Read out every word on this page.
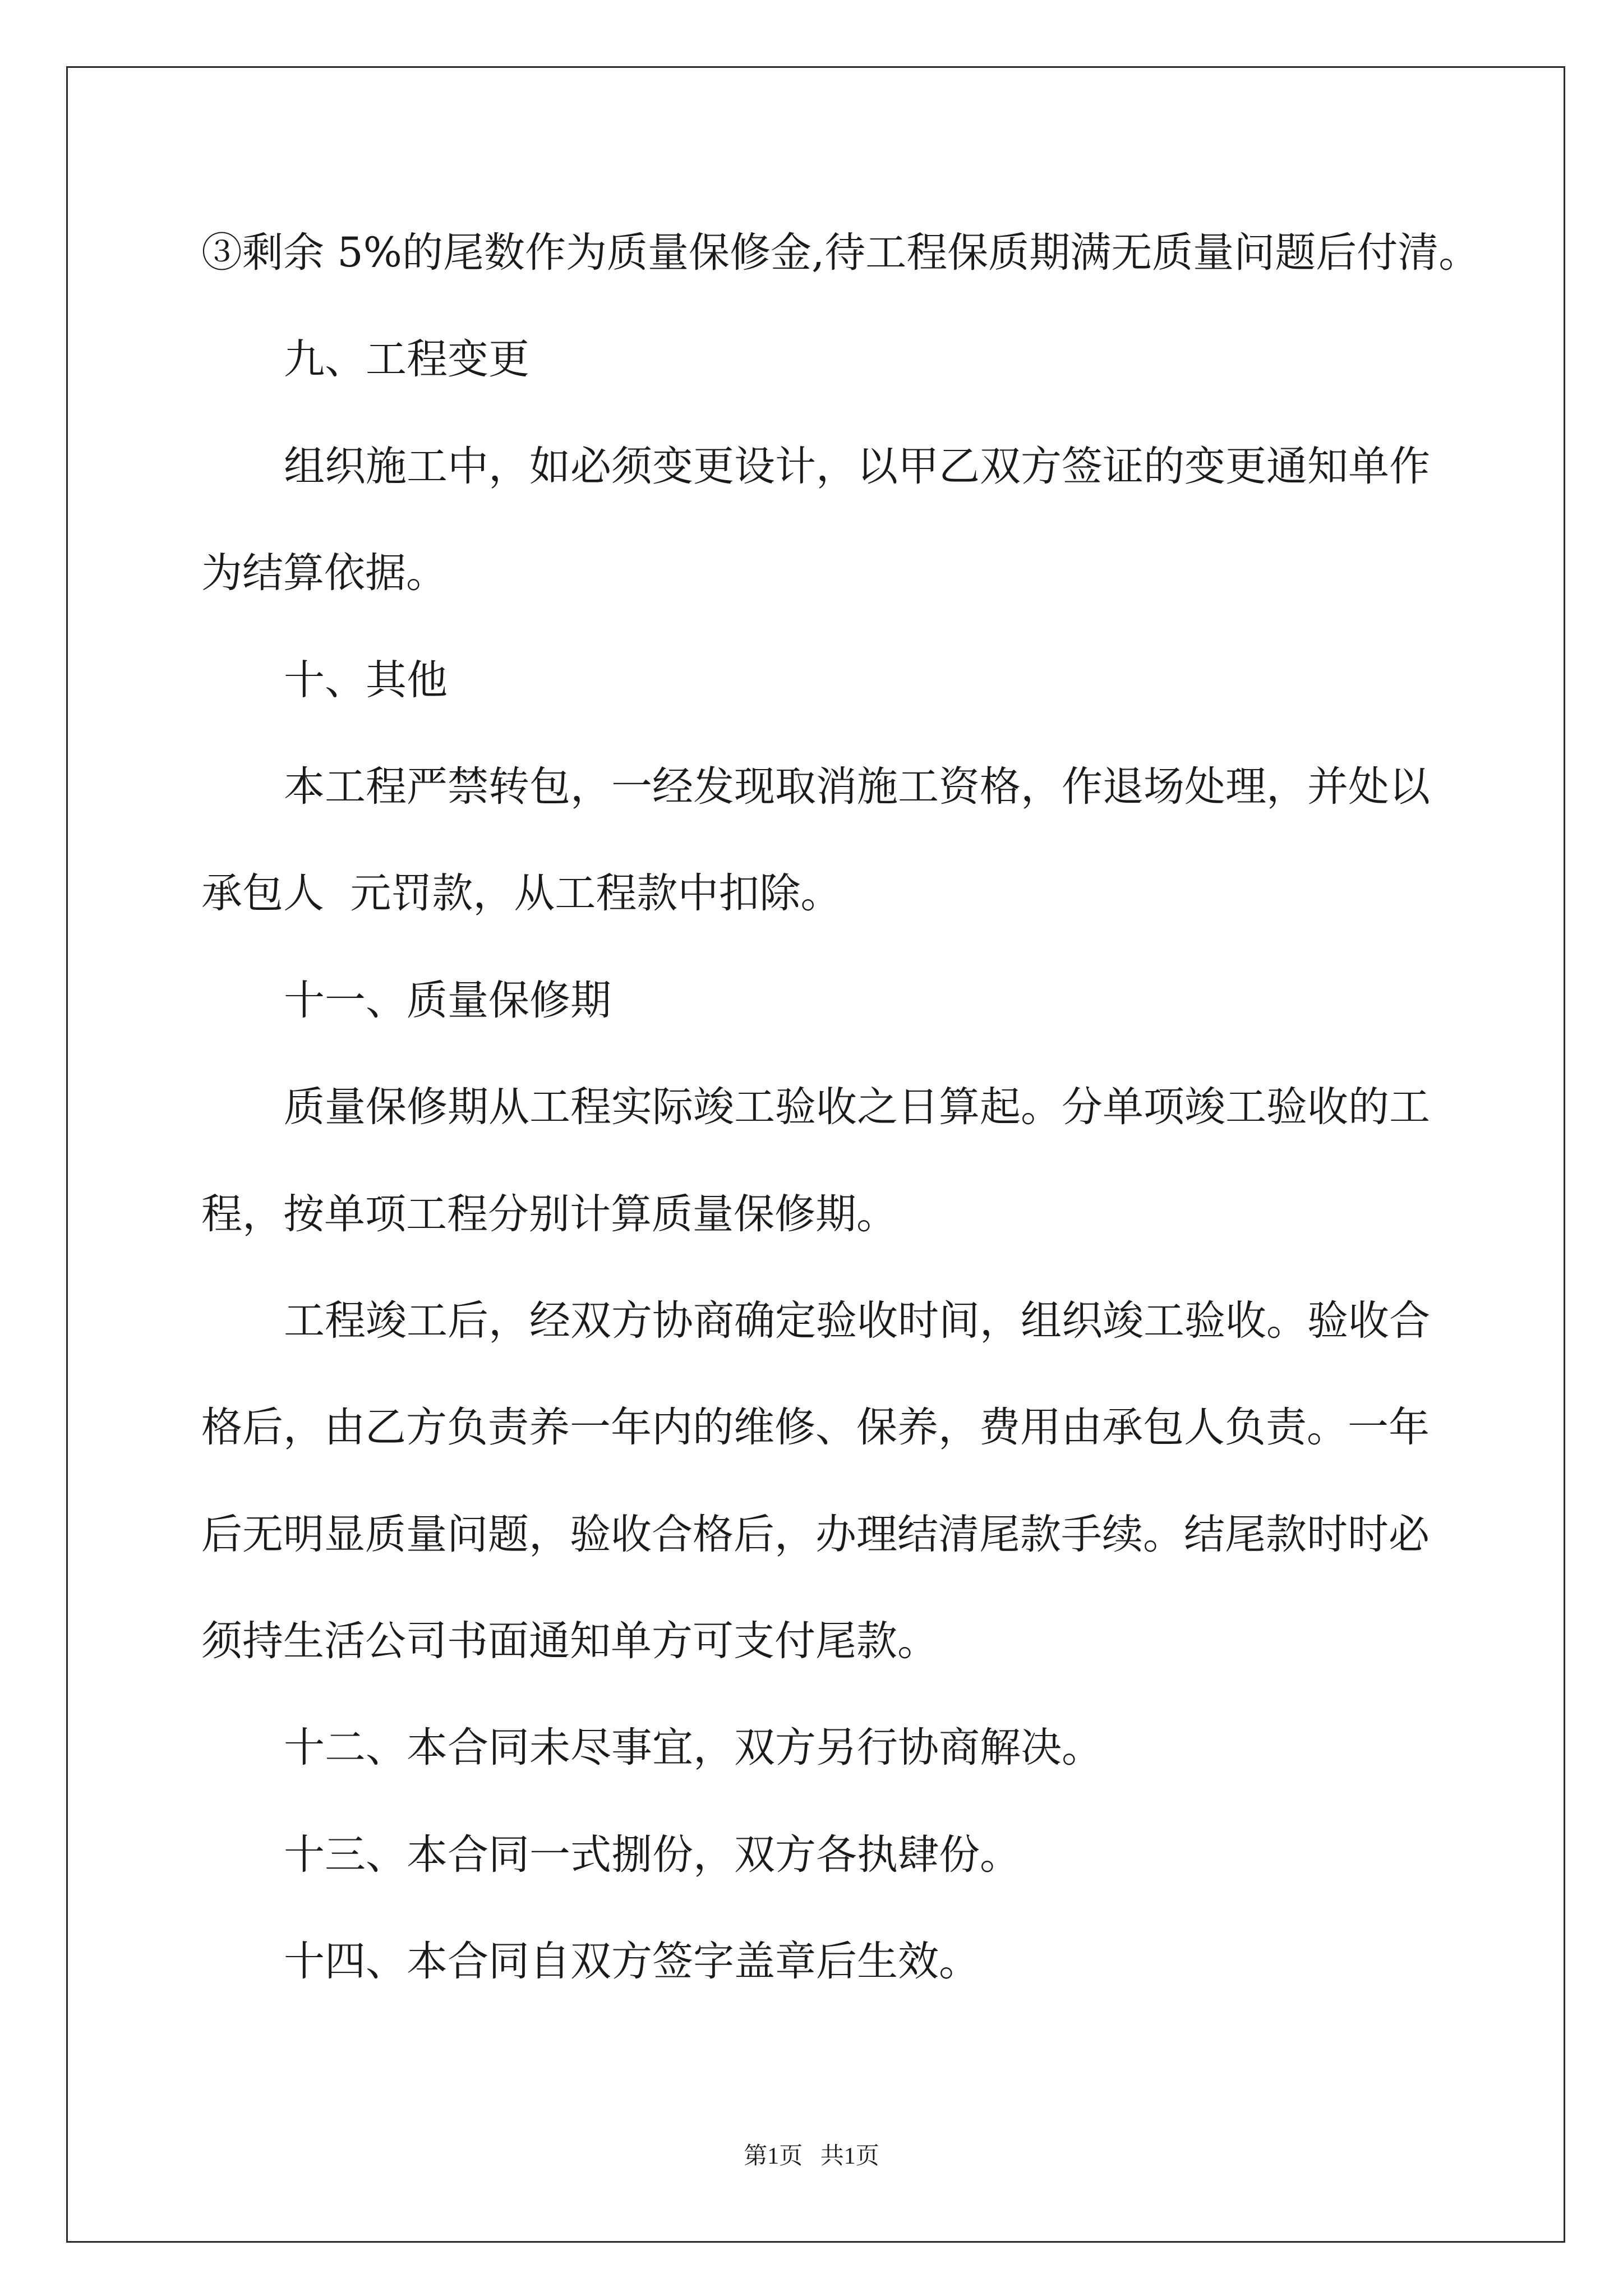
③剩余 5%的尾数作为质量保修金,待工程保质期满无质量问题后付清。
九、工程变更
组织施工中，如必须变更设计，以甲乙双方签证的变更通知单作
为结算依据。
十、其他
本工程严禁转包，一经发现取消施工资格，作退场处理，并处以
承包人  元罚款，从工程款中扣除。
十一、质量保修期
质量保修期从工程实际竣工验收之日算起。分单项竣工验收的工
程，按单项工程分别计算质量保修期。
工程竣工后，经双方协商确定验收时间，组织竣工验收。验收合
格后，由乙方负责养一年内的维修、保养，费用由承包人负责。一年
后无明显质量问题，验收合格后，办理结清尾款手续。结尾款时时必
须持生活公司书面通知单方可支付尾款。
十二、本合同未尽事宜，双方另行协商解决。
十三、本合同一式捌份，双方各执肆份。
十四、本合同自双方签字盖章后生效。
第1页   共1页
